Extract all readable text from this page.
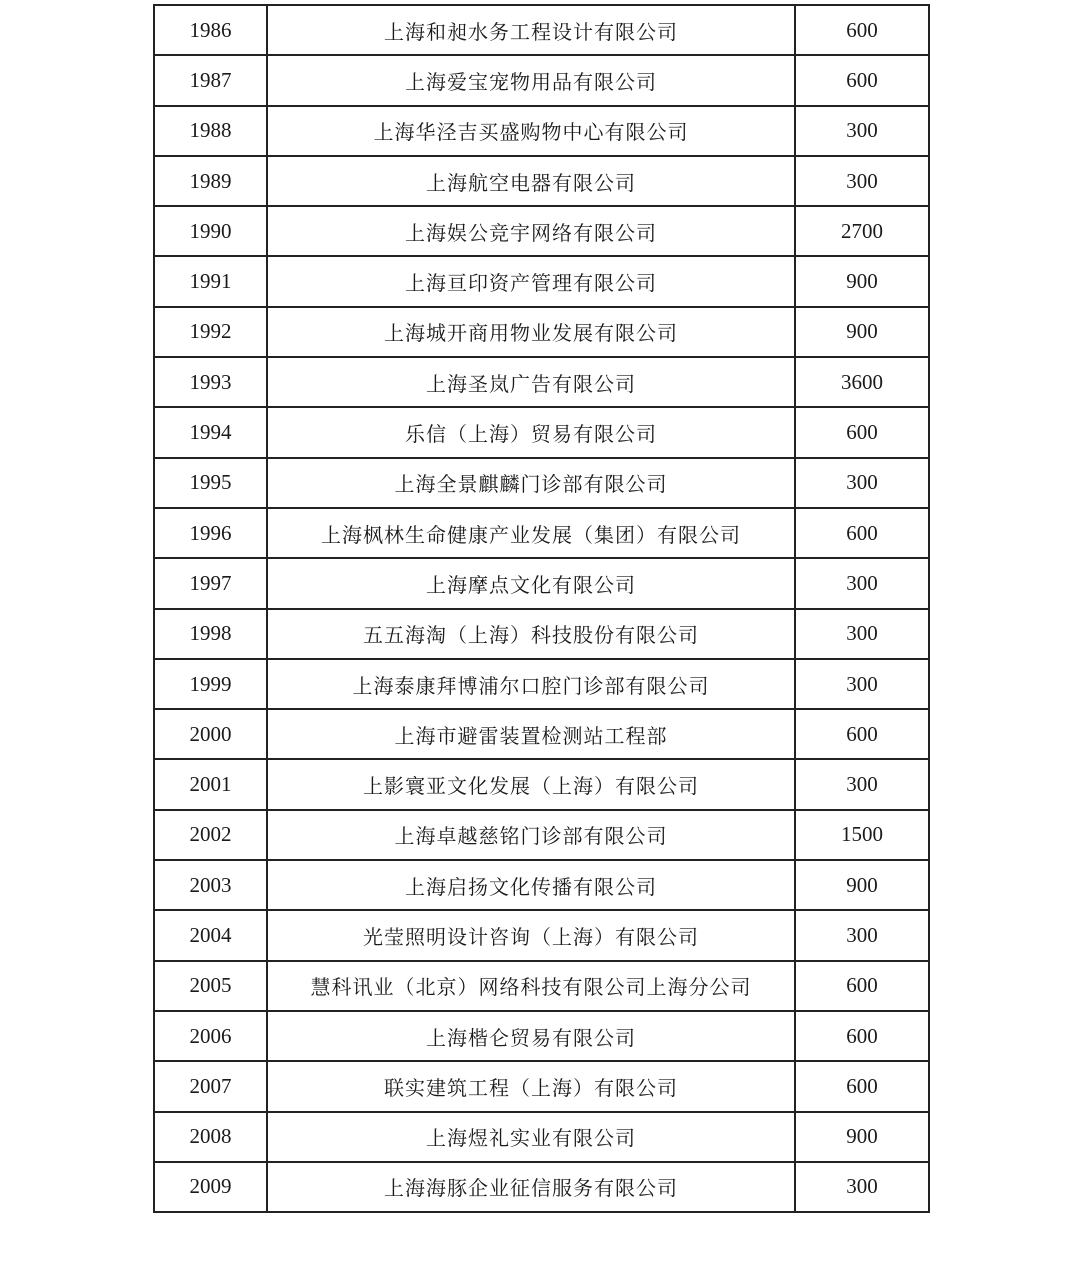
1986	上海和昶水务工程设计有限公司	600
1987	上海爱宝宠物用品有限公司	600
1988	上海华泾吉买盛购物中心有限公司	300
1989	上海航空电器有限公司	300
1990	上海娱公竞宇网络有限公司	2700
1991	上海亘印资产管理有限公司	900
1992	上海城开商用物业发展有限公司	900
1993	上海圣岚广告有限公司	3600
1994	乐信（上海）贸易有限公司	600
1995	上海全景麒麟门诊部有限公司	300
1996	上海枫林生命健康产业发展（集团）有限公司	600
1997	上海摩点文化有限公司	300
1998	五五海淘（上海）科技股份有限公司	300
1999	上海泰康拜博浦尔口腔门诊部有限公司	300
2000	上海市避雷装置检测站工程部	600
2001	上影寰亚文化发展（上海）有限公司	300
2002	上海卓越慈铭门诊部有限公司	1500
2003	上海启扬文化传播有限公司	900
2004	光莹照明设计咨询（上海）有限公司	300
2005	慧科讯业（北京）网络科技有限公司上海分公司	600
2006	上海楷仑贸易有限公司	600
2007	联实建筑工程（上海）有限公司	600
2008	上海煜礼实业有限公司	900
2009	上海海豚企业征信服务有限公司	300
